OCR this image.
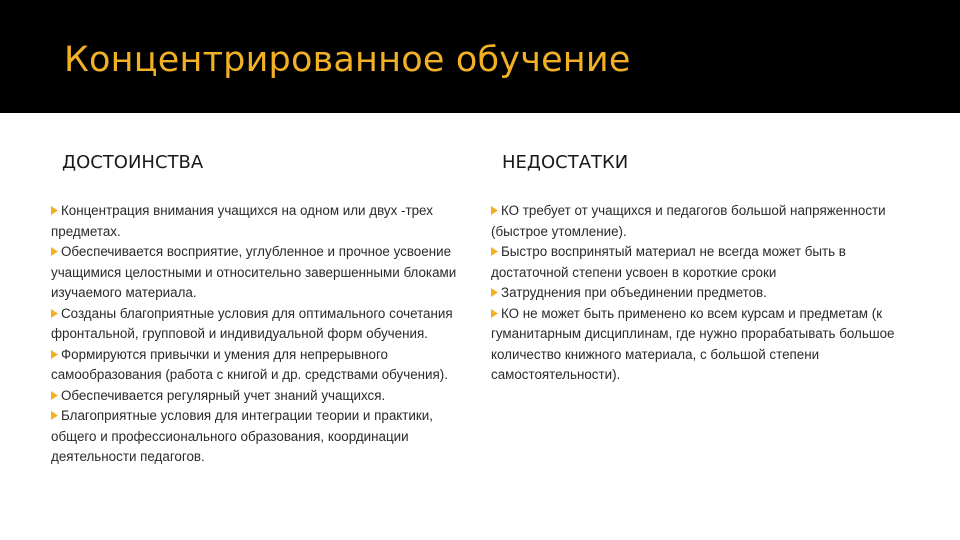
Концентрированное обучение
ДОСТОИНСТВА	НЕДОСТАТКИ
Концентрация внимания учащихся на одном или двух -трех предметах.
Обеспечивается восприятие, углубленное и прочное усвоение учащимися целостными и относительно завершенными блоками изучаемого материала.
Созданы благоприятные условия для оптимального сочетания фронтальной, групповой и индивидуальной форм обучения.
Формируются привычки и умения для непрерывного самообразования (работа с книгой и др. средствами обучения).
Обеспечивается регулярный учет знаний учащихся.
Благоприятные условия для интеграции теории и практики, общего и профессионального образования, координации деятельности педагогов.
КО требует от учащихся и педагогов большой напряженности (быстрое утомление).
Быстро воспринятый материал не всегда может быть в достаточной степени усвоен в короткие сроки
Затруднения при объединении предметов.
КО не может быть применено ко всем курсам и предметам (к гуманитарным дисциплинам, где нужно прорабатывать большое количество книжного материала, с большой степени самостоятельности).
